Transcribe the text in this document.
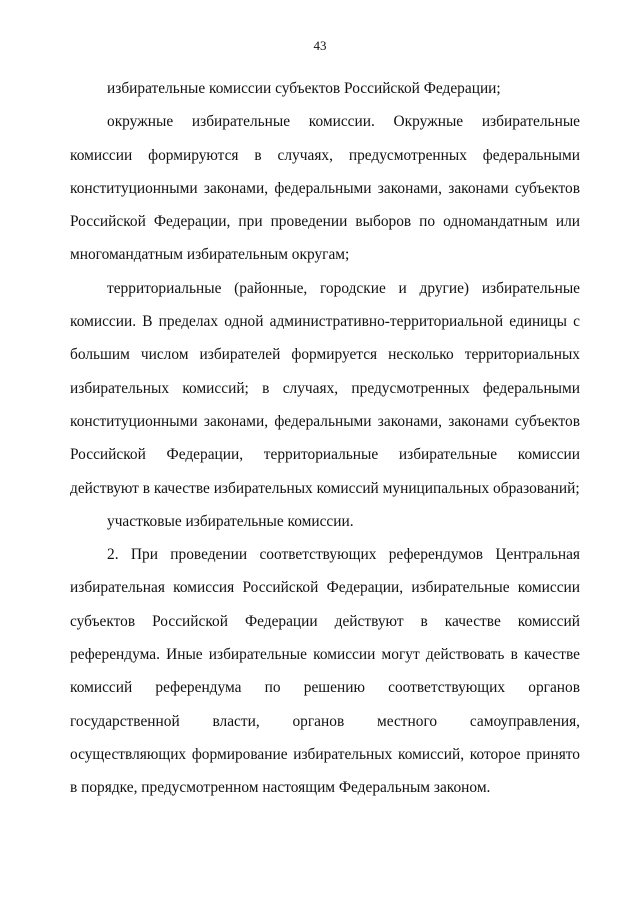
43

избирательные комиссии субъектов Российской Федерации;

окружные избирательные комиссии. Окружные избирательные комиссии формируются в случаях, предусмотренных федеральными конституционными законами, федеральными законами, законами субъектов Российской Федерации, при проведении выборов по одномандатным или многомандатным избирательным округам;

территориальные (районные, городские и другие) избирательные комиссии. В пределах одной административно-территориальной единицы с большим числом избирателей формируется несколько территориальных избирательных комиссий; в случаях, предусмотренных федеральными конституционными законами, федеральными законами, законами субъектов Российской Федерации, территориальные избирательные комиссии действуют в качестве избирательных комиссий муниципальных образований;

участковые избирательные комиссии.

2. При проведении соответствующих референдумов Центральная избирательная комиссия Российской Федерации, избирательные комиссии субъектов Российской Федерации действуют в качестве комиссий референдума. Иные избирательные комиссии могут действовать в качестве комиссий референдума по решению соответствующих органов государственной власти, органов местного самоуправления, осуществляющих формирование избирательных комиссий, которое принято в порядке, предусмотренном настоящим Федеральным законом.
